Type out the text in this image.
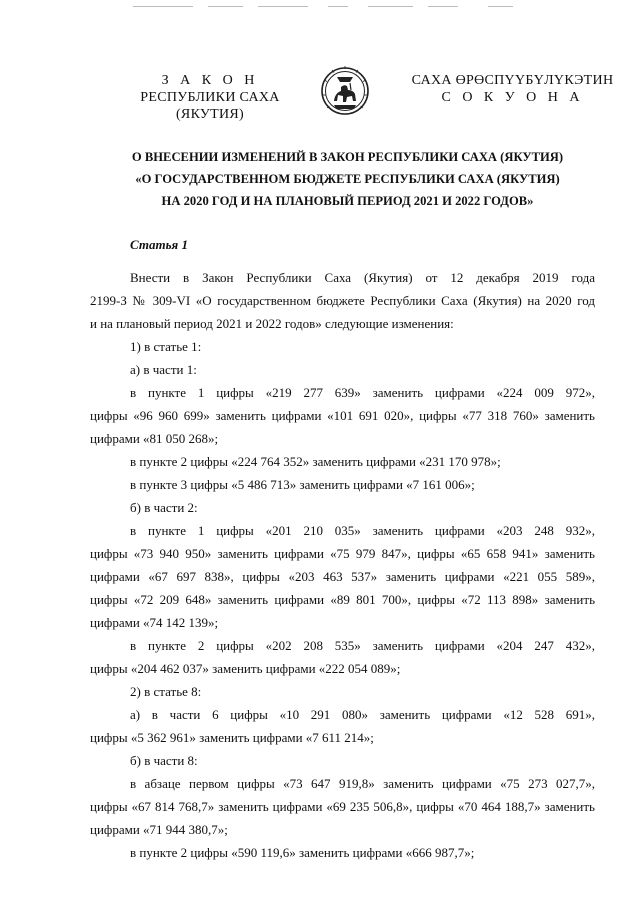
З А К О Н
РЕСПУБЛИКИ САХА (ЯКУТИЯ)
САХА ӨРӨСПҮҮБҮЛҮКЭТИН
С О К У О Н А
О ВНЕСЕНИИ ИЗМЕНЕНИЙ В ЗАКОН РЕСПУБЛИКИ САХА (ЯКУТИЯ)
«О ГОСУДАРСТВЕННОМ БЮДЖЕТЕ РЕСПУБЛИКИ САХА (ЯКУТИЯ)
НА 2020 ГОД И НА ПЛАНОВЫЙ ПЕРИОД 2021 И 2022 ГОДОВ»
Статья 1
Внести в Закон Республики Саха (Якутия) от 12 декабря 2019 года
2199-З № 309-VI «О государственном бюджете Республики Саха (Якутия) на 2020 год
и на плановый период 2021 и 2022 годов» следующие изменения:
1) в статье 1:
а) в части 1:
в пункте 1 цифры «219 277 639» заменить цифрами «224 009 972»,
цифры «96 960 699» заменить цифрами «101 691 020», цифры «77 318 760» заменить
цифрами «81 050 268»;
в пункте 2 цифры «224 764 352» заменить цифрами «231 170 978»;
в пункте 3 цифры «5 486 713» заменить цифрами «7 161 006»;
б) в части 2:
в пункте 1 цифры «201 210 035» заменить цифрами «203 248 932»,
цифры «73 940 950» заменить цифрами «75 979 847», цифры «65 658 941» заменить
цифрами «67 697 838», цифры «203 463 537» заменить цифрами «221 055 589»,
цифры «72 209 648» заменить цифрами «89 801 700», цифры «72 113 898» заменить
цифрами «74 142 139»;
в пункте 2 цифры «202 208 535» заменить цифрами «204 247 432»,
цифры «204 462 037» заменить цифрами «222 054 089»;
2) в статье 8:
а) в части 6 цифры «10 291 080» заменить цифрами «12 528 691»,
цифры «5 362 961» заменить цифрами «7 611 214»;
б) в части 8:
в абзаце первом цифры «73 647 919,8» заменить цифрами «75 273 027,7»,
цифры «67 814 768,7» заменить цифрами «69 235 506,8», цифры «70 464 188,7» заменить
цифрами «71 944 380,7»;
в пункте 2 цифры «590 119,6» заменить цифрами «666 987,7»;
